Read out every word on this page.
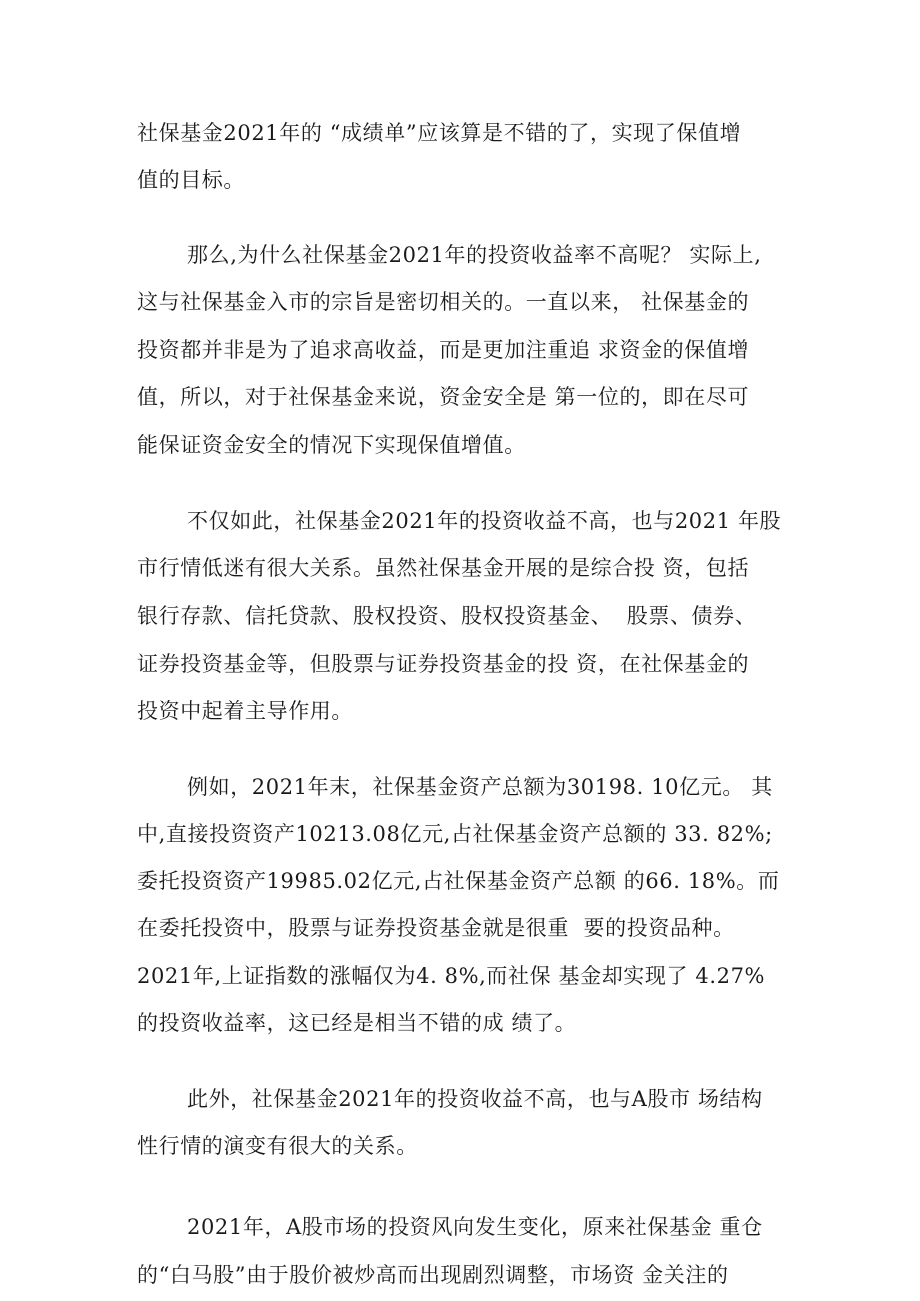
社保基金2021年的 “成绩单”应该算是不错的了，实现了保值增
值的目标。
那么,为什么社保基金2021年的投资收益率不高呢？ 实际上,
这与社保基金入市的宗旨是密切相关的。一直以来， 社保基金的
投资都并非是为了追求高收益，而是更加注重追 求资金的保值增
值，所以，对于社保基金来说，资金安全是 第一位的，即在尽可
能保证资金安全的情况下实现保值增值。
不仅如此，社保基金2021年的投资收益不高，也与2021 年股
市行情低迷有很大关系。虽然社保基金开展的是综合投 资，包括
银行存款、信托贷款、股权投资、股权投资基金、  股票、债券、
证券投资基金等，但股票与证券投资基金的投 资，在社保基金的
投资中起着主导作用。
例如，2021年末，社保基金资产总额为30198. 10亿元。 其
中,直接投资资产10213.08亿元,占社保基金资产总额的 33. 82%;
委托投资资产19985.02亿元,占社保基金资产总额 的66. 18%。而
在委托投资中，股票与证券投资基金就是很重  要的投资品种。
2021年,上证指数的涨幅仅为4. 8%,而社保 基金却实现了 4.27%
的投资收益率，这已经是相当不错的成 绩了。
此外，社保基金2021年的投资收益不高，也与A股市 场结构
性行情的演变有很大的关系。
2021年，A股市场的投资风向发生变化，原来社保基金 重仓
的“白马股”由于股价被炒高而出现剧烈调整，市场资 金关注的
